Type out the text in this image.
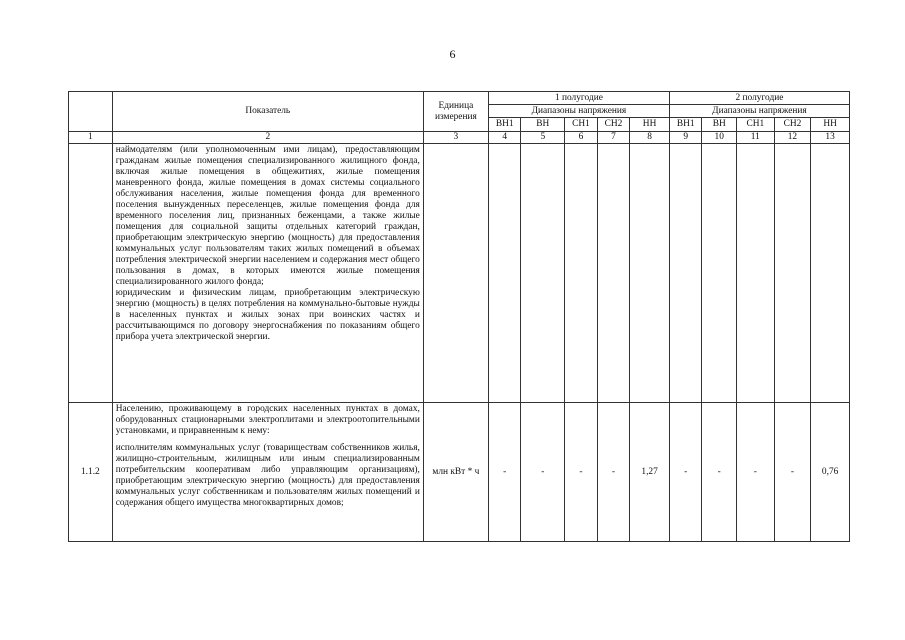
6
	Показатель	Единица измерения	1 полугодие					2 полугодие				
			Диапазоны напряжения					Диапазоны напряжения				
			ВН1	ВН	СН1	СН2	НН	ВН1	ВН	СН1	СН2	НН
1	2	3	4	5	6	7	8	9	10	11	12	13

	наймодателям (или уполномоченным ими лицам), предоставляющим гражданам жилые помещения специализированного жилищного фонда, включая жилые помещения в общежитиях, жилые помещения маневренного фонда, жилые помещения в домах системы социального обслуживания населения, жилые помещения фонда для временного поселения вынужденных переселенцев, жилые помещения фонда для временного поселения лиц, признанных беженцами, а также жилые помещения для социальной защиты отдельных категорий граждан, приобретающим электрическую энергию (мощность) для предоставления коммунальных услуг пользователям таких жилых помещений в объемах потребления электрической энергии населением и содержания мест общего пользования в домах, в которых имеются жилые помещения специализированного жилого фонда;
юридическим и физическим лицам, приобретающим электрическую энергию (мощность) в целях потребления на коммунально-бытовые нужды в населенных пунктах и жилых зонах при воинских частях и рассчитывающимся по договору энергоснабжения по показаниям общего прибора учета электрической энергии.											

1.1.2	Населению, проживающему в городских населенных пунктах в домах, оборудованных стационарными электроплитами и электроотопительными установками, и приравненным к нему:
исполнителям коммунальных услуг (товариществам собственников жилья, жилищно-строительным, жилищным или иным специализированным потребительским кооперативам либо управляющим организациям), приобретающим электрическую энергию (мощность) для предоставления коммунальных услуг собственникам и пользователям жилых помещений и содержания общего имущества многоквартирных домов;	млн кВт * ч	-	-	-	-	1,27	-	-	-	-	0,76
